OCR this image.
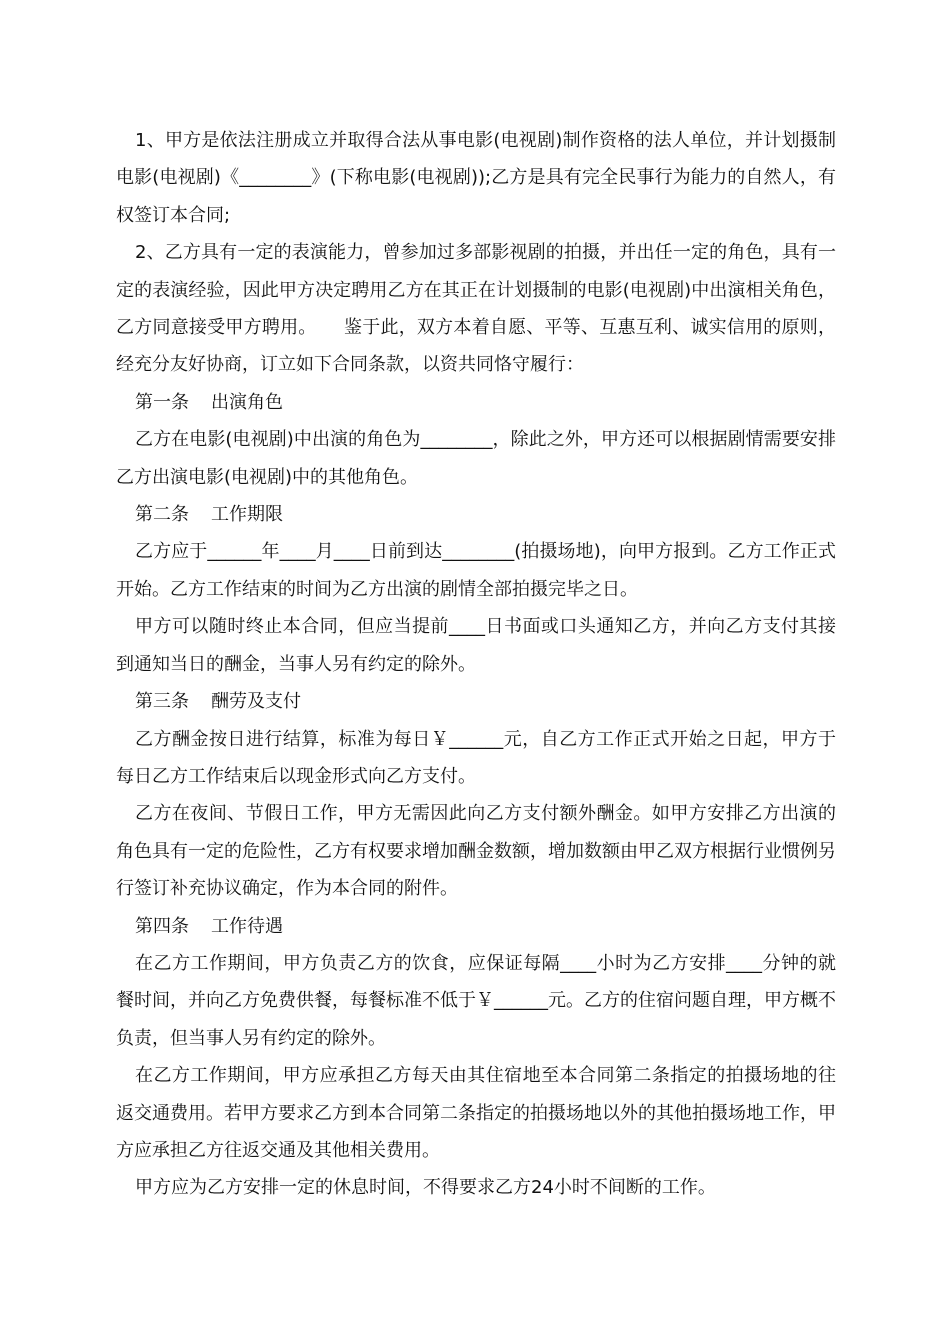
1、甲方是依法注册成立并取得合法从事电影(电视剧)制作资格的法人单位，并计划摄制电影(电视剧)《________》(下称电影(电视剧));乙方是具有完全民事行为能力的自然人，有权签订本合同;

2、乙方具有一定的表演能力，曾参加过多部影视剧的拍摄，并出任一定的角色，具有一定的表演经验，因此甲方决定聘用乙方在其正在计划摄制的电影(电视剧)中出演相关角色，乙方同意接受甲方聘用。　　鉴于此，双方本着自愿、平等、互惠互利、诚实信用的原则，经充分友好协商，订立如下合同条款，以资共同恪守履行：

第一条 出演角色

乙方在电影(电视剧)中出演的角色为________，除此之外，甲方还可以根据剧情需要安排乙方出演电影(电视剧)中的其他角色。

第二条 工作期限

乙方应于______年____月____日前到达________(拍摄场地)，向甲方报到。乙方工作正式开始。乙方工作结束的时间为乙方出演的剧情全部拍摄完毕之日。

甲方可以随时终止本合同，但应当提前____日书面或口头通知乙方，并向乙方支付其接到通知当日的酬金，当事人另有约定的除外。

第三条 酬劳及支付

乙方酬金按日进行结算，标准为每日￥______元，自乙方工作正式开始之日起，甲方于每日乙方工作结束后以现金形式向乙方支付。

乙方在夜间、节假日工作，甲方无需因此向乙方支付额外酬金。如甲方安排乙方出演的角色具有一定的危险性，乙方有权要求增加酬金数额，增加数额由甲乙双方根据行业惯例另行签订补充协议确定，作为本合同的附件。

第四条 工作待遇

在乙方工作期间，甲方负责乙方的饮食，应保证每隔____小时为乙方安排____分钟的就餐时间，并向乙方免费供餐，每餐标准不低于￥______元。乙方的住宿问题自理，甲方概不负责，但当事人另有约定的除外。

在乙方工作期间，甲方应承担乙方每天由其住宿地至本合同第二条指定的拍摄场地的往返交通费用。若甲方要求乙方到本合同第二条指定的拍摄场地以外的其他拍摄场地工作，甲方应承担乙方往返交通及其他相关费用。

甲方应为乙方安排一定的休息时间，不得要求乙方24小时不间断的工作。
